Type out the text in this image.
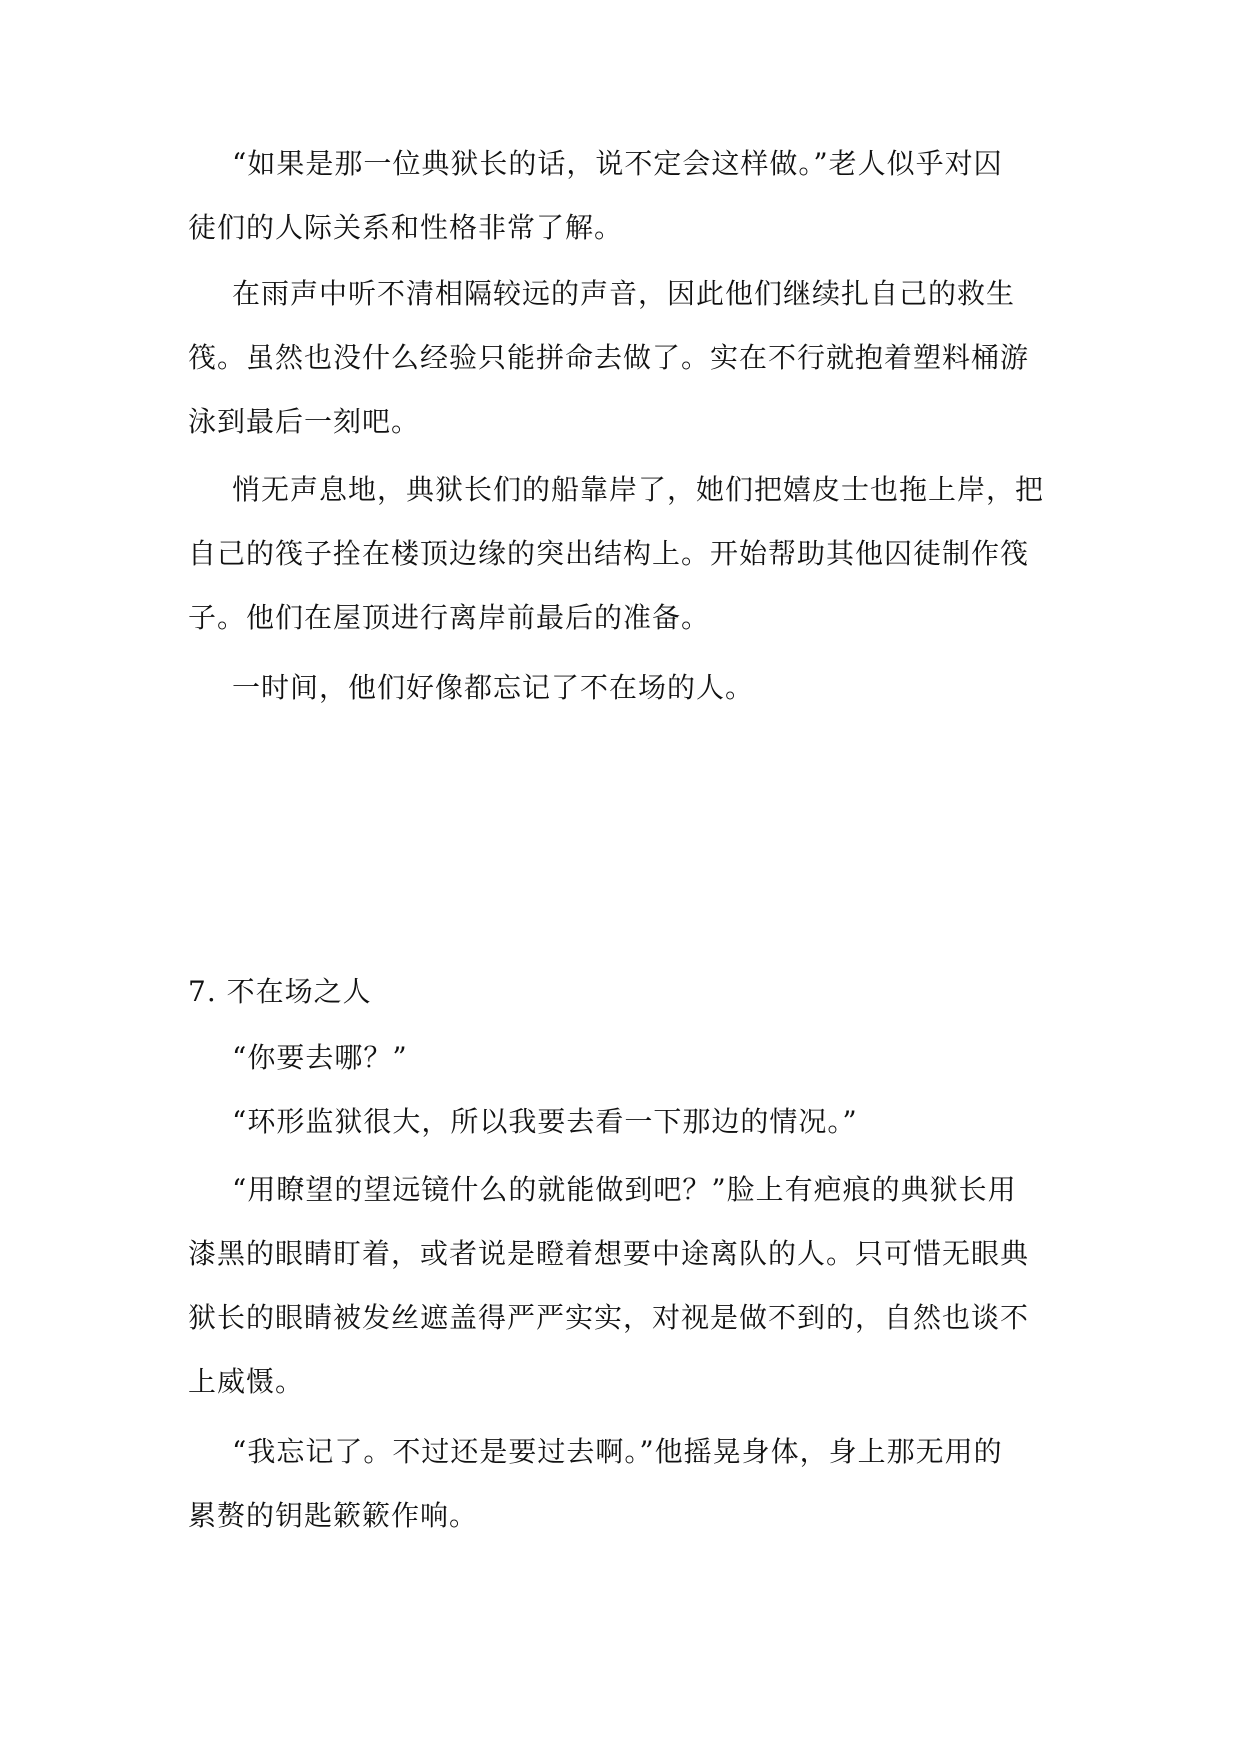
“如果是那一位典狱长的话，说不定会这样做。”老人似乎对囚
徒们的人际关系和性格非常了解。

在雨声中听不清相隔较远的声音，因此他们继续扎自己的救生
筏。虽然也没什么经验只能拼命去做了。实在不行就抱着塑料桶游
泳到最后一刻吧。

悄无声息地，典狱长们的船靠岸了，她们把嬉皮士也拖上岸，把
自己的筏子拴在楼顶边缘的突出结构上。开始帮助其他囚徒制作筏
子。他们在屋顶进行离岸前最后的准备。

一时间，他们好像都忘记了不在场的人。

7. 不在场之人

“你要去哪？”

“环形监狱很大，所以我要去看一下那边的情况。”

“用瞭望的望远镜什么的就能做到吧？”脸上有疤痕的典狱长用
漆黑的眼睛盯着，或者说是瞪着想要中途离队的人。只可惜无眼典
狱长的眼睛被发丝遮盖得严严实实，对视是做不到的，自然也谈不
上威慑。

“我忘记了。不过还是要过去啊。”他摇晃身体，身上那无用的
累赘的钥匙簌簌作响。
